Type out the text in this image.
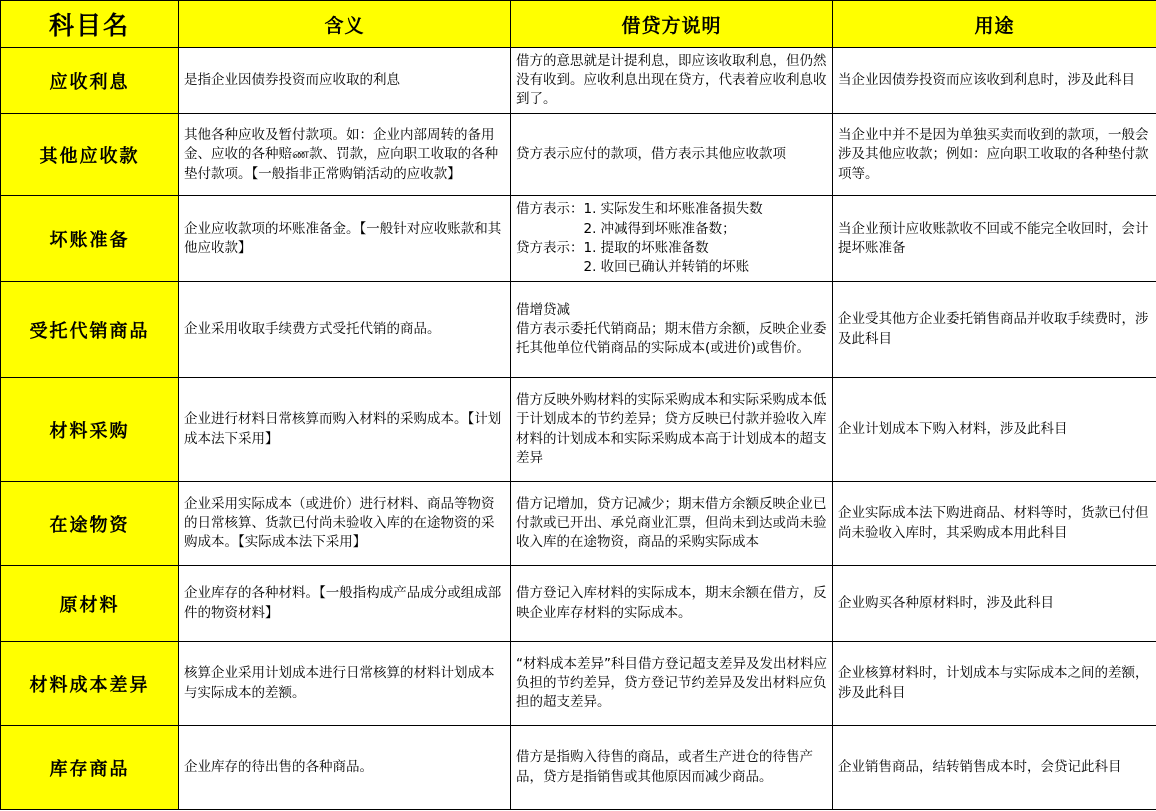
科目名	含义	借贷方说明	用途
应收利息	是指企业因债券投资而应收取的利息	借方的意思就是计提利息，即应该收取利息，但仍然没有收到。应收利息出现在贷方，代表着应收利息收到了。	当企业因债券投资而应该收到利息时，涉及此科目

其他应收款	其他各种应收及暂付款项。如：企业内部周转的备用金、应收的各种赔ண款、罚款，应向职工收取的各种垫付款项。【一般指非正常购销活动的应收款】	贷方表示应付的款项，借方表示其他应收款项	当企业中并不是因为单独买卖而收到的款项，一般会涉及其他应收款；例如：应向职工收取的各种垫付款项等。

坏账准备	企业应收款项的坏账准备金。【一般针对应收账款和其他应收款】	借方表示：1. 实际发生和坏账准备损失数
　　　　　2. 冲减得到坏账准备数；
贷方表示：1. 提取的坏账准备数
　　　　　2. 收回已确认并转销的坏账	当企业预计应收账款收不回或不能完全收回时，会计提坏账准备

受托代销商品	企业采用收取手续费方式受托代销的商品。	借增贷减
借方表示委托代销商品；期末借方余额，反映企业委托其他单位代销商品的实际成本(或进价)或售价。	企业受其他方企业委托销售商品并收取手续费时，涉及此科目

材料采购	企业进行材料日常核算而购入材料的采购成本。【计划成本法下采用】	借方反映外购材料的实际采购成本和实际采购成本低于计划成本的节约差异；贷方反映已付款并验收入库材料的计划成本和实际采购成本高于计划成本的超支差异	企业计划成本下购入材料，涉及此科目

在途物资	企业采用实际成本（或进价）进行材料、商品等物资的日常核算、货款已付尚未验收入库的在途物资的采购成本。【实际成本法下采用】	借方记增加，贷方记减少；期末借方余额反映企业已付款或已开出、承兑商业汇票，但尚未到达或尚未验收入库的在途物资，商品的采购实际成本	企业实际成本法下购进商品、材料等时，货款已付但尚未验收入库时，其采购成本用此科目

原材料	企业库存的各种材料。【一般指构成产品成分或组成部件的物资材料】	借方登记入库材料的实际成本，期末余额在借方，反映企业库存材料的实际成本。	企业购买各种原材料时，涉及此科目

材料成本差异	核算企业采用计划成本进行日常核算的材料计划成本与实际成本的差额。	“材料成本差异”科目借方登记超支差异及发出材料应负担的节约差异，贷方登记节约差异及发出材料应负担的超支差异。	企业核算材料时，计划成本与实际成本之间的差额，涉及此科目

库存商品	企业库存的待出售的各种商品。	借方是指购入待售的商品，或者生产进仓的待售产品，贷方是指销售或其他原因而减少商品。	企业销售商品，结转销售成本时，会贷记此科目
